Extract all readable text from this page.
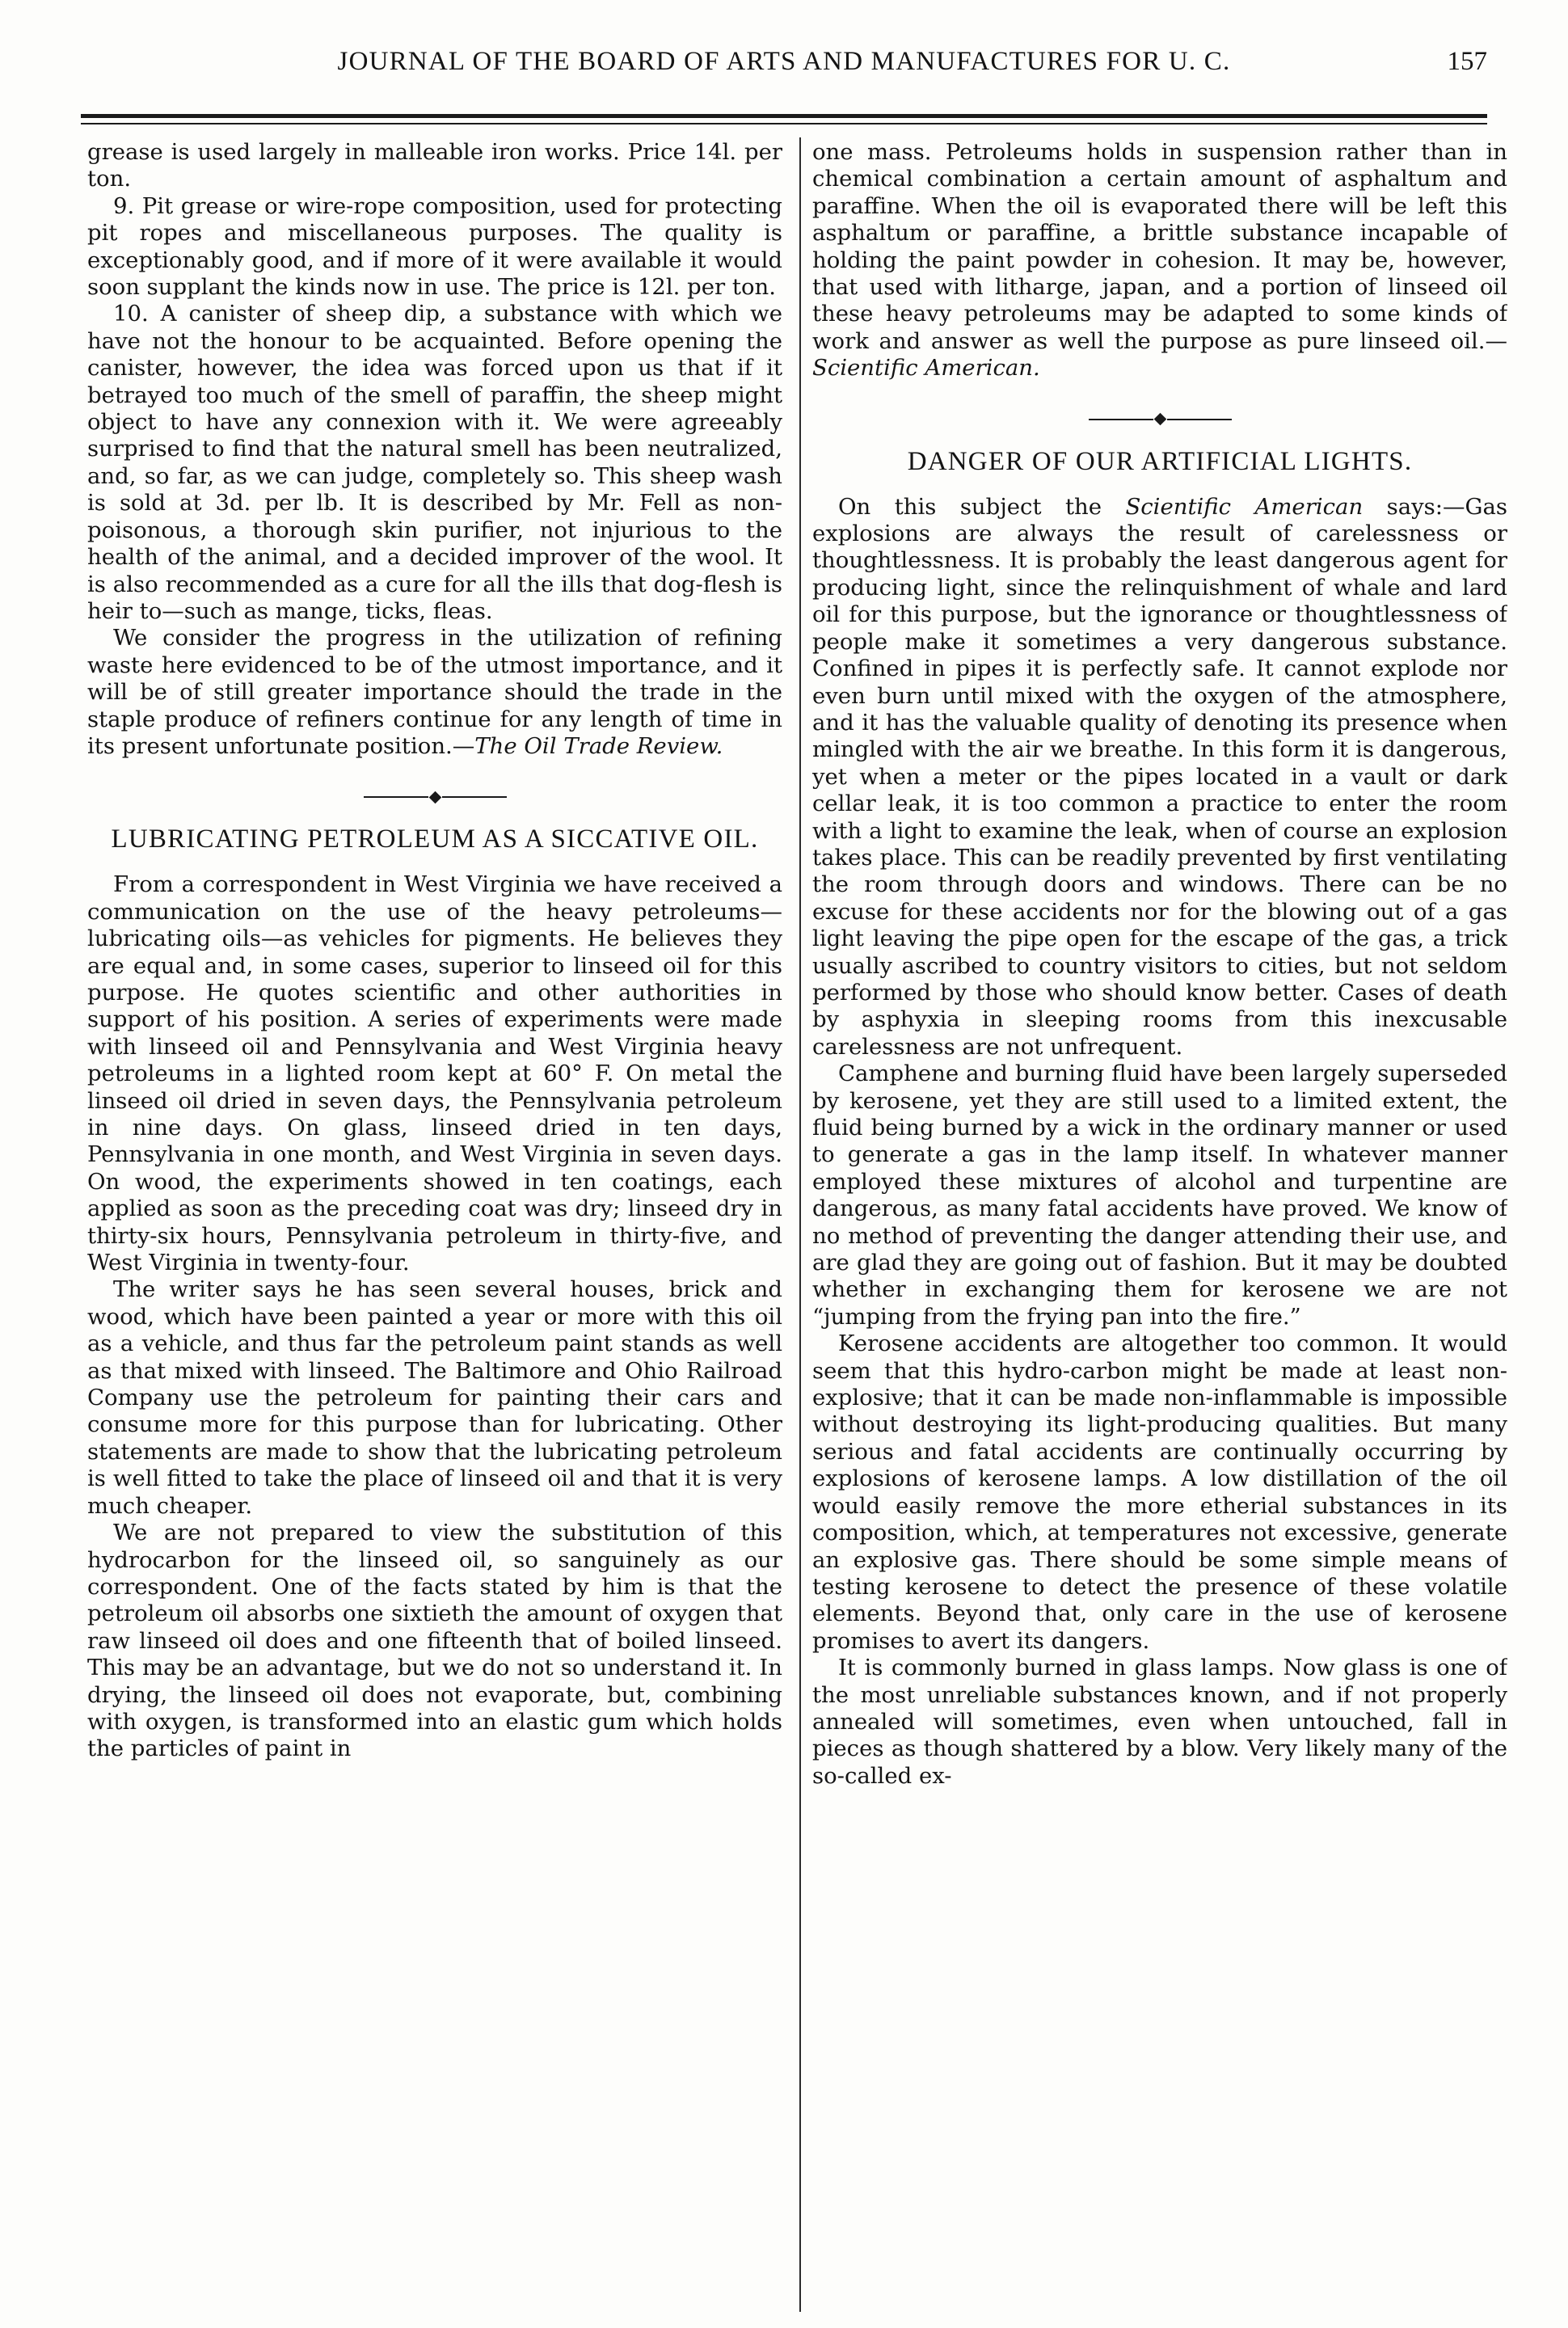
JOURNAL OF THE BOARD OF ARTS AND MANUFACTURES FOR U. C.	157

grease is used largely in malleable iron works. Price 14l. per ton.

9. Pit grease or wire-rope composition, used for protecting pit ropes and miscellaneous purposes. The quality is exceptionably good, and if more of it were available it would soon supplant the kinds now in use. The price is 12l. per ton.

10. A canister of sheep dip, a substance with which we have not the honour to be acquainted. Before opening the canister, however, the idea was forced upon us that if it betrayed too much of the smell of paraffin, the sheep might object to have any connexion with it. We were agreeably surprised to find that the natural smell has been neutralized, and, so far, as we can judge, completely so. This sheep wash is sold at 3d. per lb. It is described by Mr. Fell as non-poisonous, a thorough skin purifier, not injurious to the health of the animal, and a decided improver of the wool. It is also recommended as a cure for all the ills that dog-flesh is heir to—such as mange, ticks, fleas.

We consider the progress in the utilization of refining waste here evidenced to be of the utmost importance, and it will be of still greater importance should the trade in the staple produce of refiners continue for any length of time in its present unfortunate position.—The Oil Trade Review.

LUBRICATING PETROLEUM AS A SICCATIVE OIL.

From a correspondent in West Virginia we have received a communication on the use of the heavy petroleums—lubricating oils—as vehicles for pigments. He believes they are equal and, in some cases, superior to linseed oil for this purpose. He quotes scientific and other authorities in support of his position. A series of experiments were made with linseed oil and Pennsylvania and West Virginia heavy petroleums in a lighted room kept at 60° F. On metal the linseed oil dried in seven days, the Pennsylvania petroleum in nine days. On glass, linseed dried in ten days, Pennsylvania in one month, and West Virginia in seven days. On wood, the experiments showed in ten coatings, each applied as soon as the preceding coat was dry; linseed dry in thirty-six hours, Pennsylvania petroleum in thirty-five, and West Virginia in twenty-four.

The writer says he has seen several houses, brick and wood, which have been painted a year or more with this oil as a vehicle, and thus far the petroleum paint stands as well as that mixed with linseed. The Baltimore and Ohio Railroad Company use the petroleum for painting their cars and consume more for this purpose than for lubricating. Other statements are made to show that the lubricating petroleum is well fitted to take the place of linseed oil and that it is very much cheaper.

We are not prepared to view the substitution of this hydrocarbon for the linseed oil, so sanguinely as our correspondent. One of the facts stated by him is that the petroleum oil absorbs one sixtieth the amount of oxygen that raw linseed oil does and one fifteenth that of boiled linseed. This may be an advantage, but we do not so understand it. In drying, the linseed oil does not evaporate, but, combining with oxygen, is transformed into an elastic gum which holds the particles of paint in

one mass. Petroleums holds in suspension rather than in chemical combination a certain amount of asphaltum and paraffine. When the oil is evaporated there will be left this asphaltum or paraffine, a brittle substance incapable of holding the paint powder in cohesion. It may be, however, that used with litharge, japan, and a portion of linseed oil these heavy petroleums may be adapted to some kinds of work and answer as well the purpose as pure linseed oil.—Scientific American.

DANGER OF OUR ARTIFICIAL LIGHTS.

On this subject the Scientific American says:—Gas explosions are always the result of carelessness or thoughtlessness. It is probably the least dangerous agent for producing light, since the relinquishment of whale and lard oil for this purpose, but the ignorance or thoughtlessness of people make it sometimes a very dangerous substance. Confined in pipes it is perfectly safe. It cannot explode nor even burn until mixed with the oxygen of the atmosphere, and it has the valuable quality of denoting its presence when mingled with the air we breathe. In this form it is dangerous, yet when a meter or the pipes located in a vault or dark cellar leak, it is too common a practice to enter the room with a light to examine the leak, when of course an explosion takes place. This can be readily prevented by first ventilating the room through doors and windows. There can be no excuse for these accidents nor for the blowing out of a gas light leaving the pipe open for the escape of the gas, a trick usually ascribed to country visitors to cities, but not seldom performed by those who should know better. Cases of death by asphyxia in sleeping rooms from this inexcusable carelessness are not unfrequent.

Camphene and burning fluid have been largely superseded by kerosene, yet they are still used to a limited extent, the fluid being burned by a wick in the ordinary manner or used to generate a gas in the lamp itself. In whatever manner employed these mixtures of alcohol and turpentine are dangerous, as many fatal accidents have proved. We know of no method of preventing the danger attending their use, and are glad they are going out of fashion. But it may be doubted whether in exchanging them for kerosene we are not “jumping from the frying pan into the fire.”

Kerosene accidents are altogether too common. It would seem that this hydro-carbon might be made at least non-explosive; that it can be made non-inflammable is impossible without destroying its light-producing qualities. But many serious and fatal accidents are continually occurring by explosions of kerosene lamps. A low distillation of the oil would easily remove the more etherial substances in its composition, which, at temperatures not excessive, generate an explosive gas. There should be some simple means of testing kerosene to detect the presence of these volatile elements. Beyond that, only care in the use of kerosene promises to avert its dangers.

It is commonly burned in glass lamps. Now glass is one of the most unreliable substances known, and if not properly annealed will sometimes, even when untouched, fall in pieces as though shattered by a blow. Very likely many of the so-called ex-
